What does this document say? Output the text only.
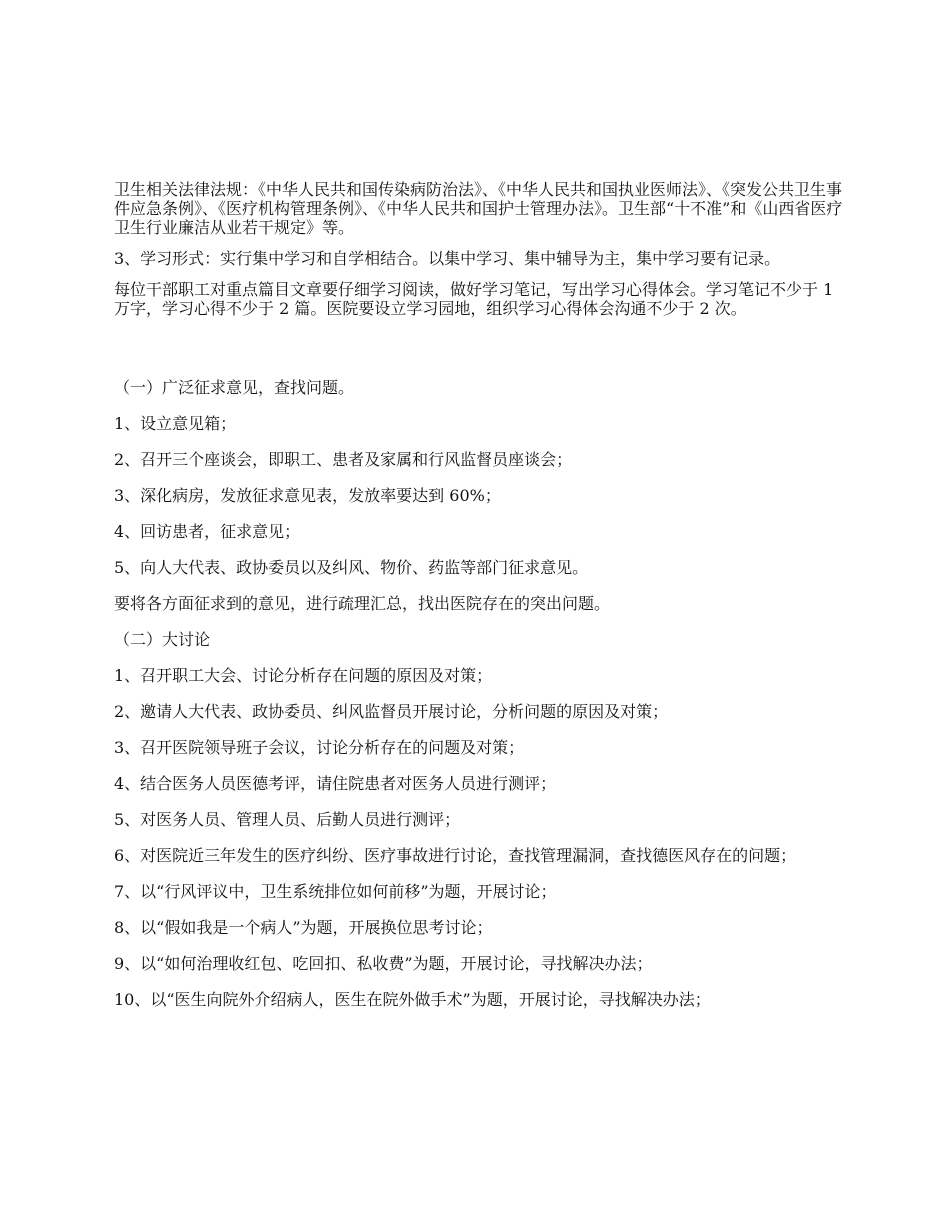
卫生相关法律法规：《中华人民共和国传染病防治法》、《中华人民共和国执业医师法》、《突发公共卫生事件应急条例》、《医疗机构管理条例》、《中华人民共和国护士管理办法》。卫生部“十不准”和《山西省医疗卫生行业廉洁从业若干规定》等。

3、学习形式：实行集中学习和自学相结合。以集中学习、集中辅导为主，集中学习要有记录。

每位干部职工对重点篇目文章要仔细学习阅读，做好学习笔记，写出学习心得体会。学习笔记不少于 1 万字，学习心得不少于 2 篇。医院要设立学习园地，组织学习心得体会沟通不少于 2 次。

（一）广泛征求意见，查找问题。

1、设立意见箱；

2、召开三个座谈会，即职工、患者及家属和行风监督员座谈会；

3、深化病房，发放征求意见表，发放率要达到 60%；

4、回访患者，征求意见；

5、向人大代表、政协委员以及纠风、物价、药监等部门征求意见。

要将各方面征求到的意见，进行疏理汇总，找出医院存在的突出问题。

（二）大讨论

1、召开职工大会、讨论分析存在问题的原因及对策；

2、邀请人大代表、政协委员、纠风监督员开展讨论，分析问题的原因及对策；

3、召开医院领导班子会议，讨论分析存在的问题及对策；

4、结合医务人员医德考评，请住院患者对医务人员进行测评；

5、对医务人员、管理人员、后勤人员进行测评；

6、对医院近三年发生的医疗纠纷、医疗事故进行讨论，查找管理漏洞，查找德医风存在的问题；

7、以“行风评议中，卫生系统排位如何前移”为题，开展讨论；

8、以“假如我是一个病人”为题，开展换位思考讨论；

9、以“如何治理收红包、吃回扣、私收费”为题，开展讨论，寻找解决办法；

10、以“医生向院外介绍病人，医生在院外做手术”为题，开展讨论，寻找解决办法；
